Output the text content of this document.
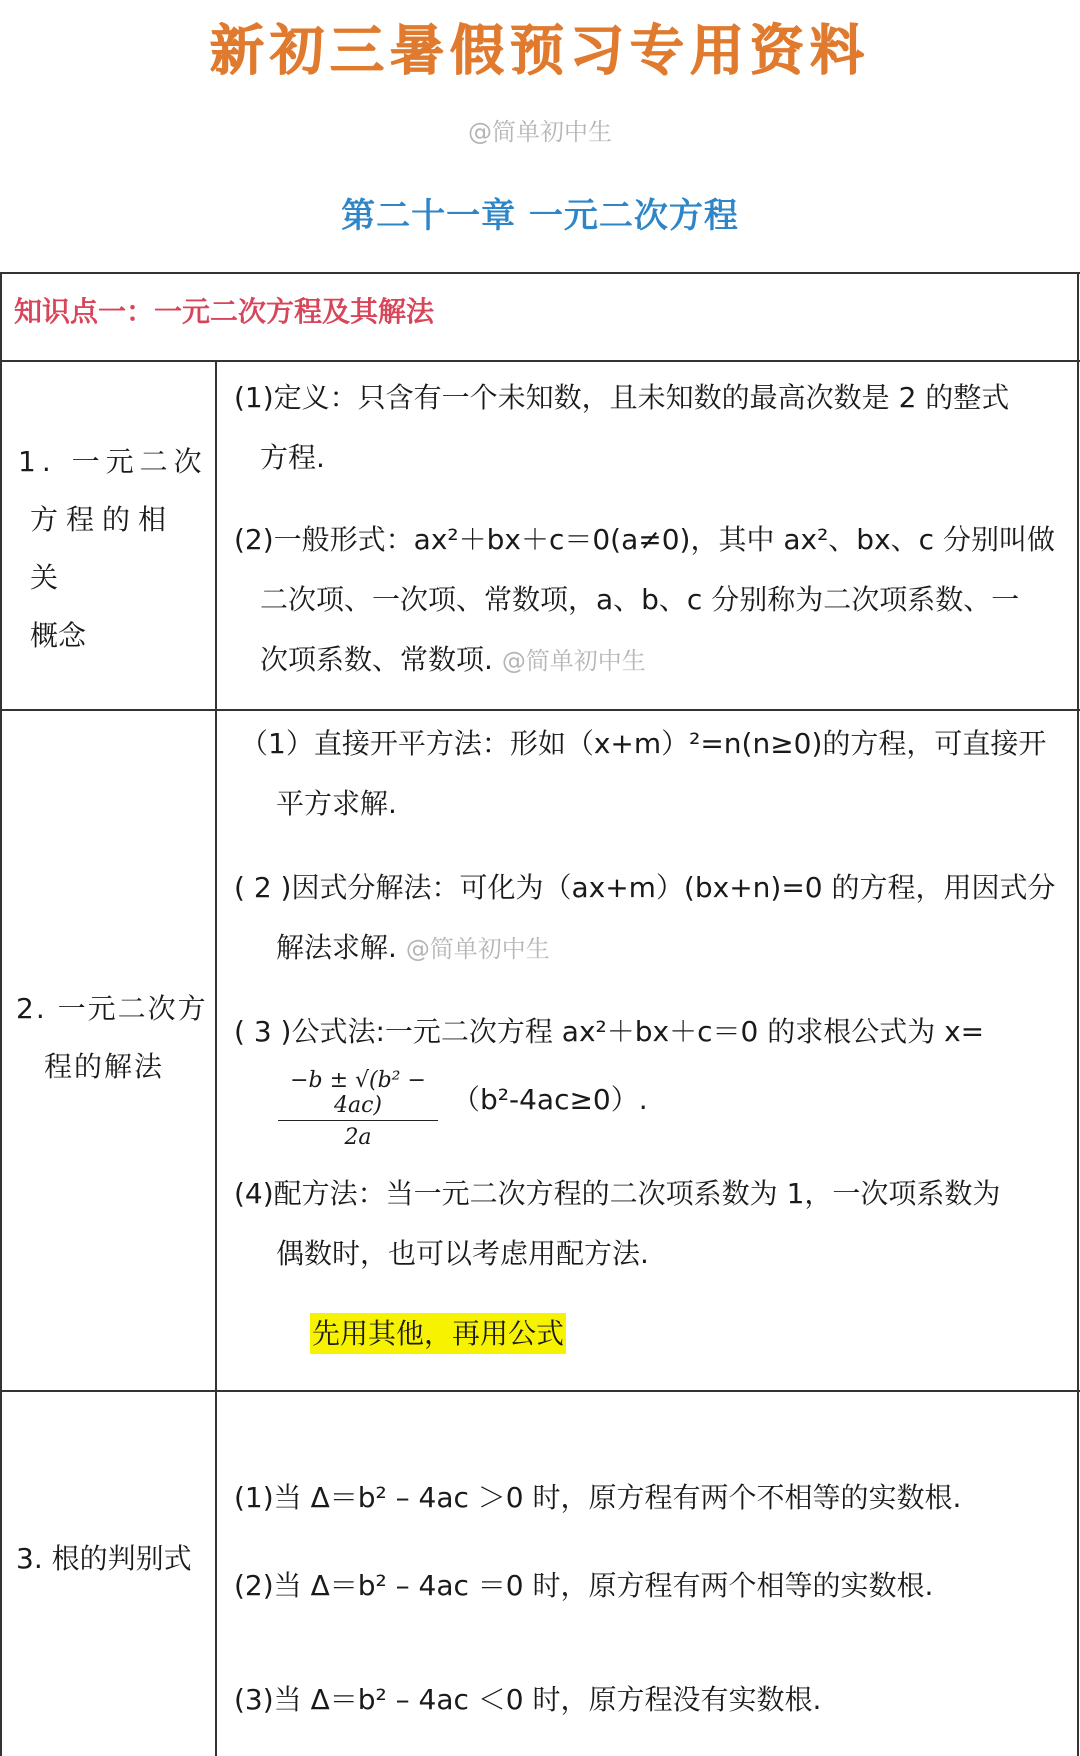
新初三暑假预习专用资料
@简单初中生
第二十一章 一元二次方程
知识点一：一元二次方程及其解法
1. 一元二次
方程的相关
概念
(1)定义：只含有一个未知数，且未知数的最高次数是 2 的整式
方程.
(2)一般形式：ax²＋bx＋c＝0(a≠0)，其中 ax²、bx、c 分别叫做
二次项、一次项、常数项，a、b、c 分别称为二次项系数、一
次项系数、常数项. @简单初中生
2. 一元二次方
程的解法
（1）直接开平方法：形如（x+m）²=n(n≥0)的方程，可直接开
平方求解.
( 2 )因式分解法：可化为（ax+m）(bx+n)=0 的方程，用因式分
解法求解. @简单初中生
( 3 )公式法:一元二次方程 ax²＋bx＋c＝0 的求根公式为 x=
$\frac{\text{−b ± √(b² − 4ac)}}{2a} (b^2-4ac\ge 0)$.
(4)配方法：当一元二次方程的二次项系数为 1，一次项系数为
偶数时，也可以考虑用配方法.
先用其他，再用公式
3. 根的判别式
(1)当 Δ＝b² – 4ac ＞0 时，原方程有两个不相等的实数根.
(2)当 Δ＝b² – 4ac ＝0 时，原方程有两个相等的实数根.
(3)当 Δ＝b² – 4ac ＜0 时，原方程没有实数根.
